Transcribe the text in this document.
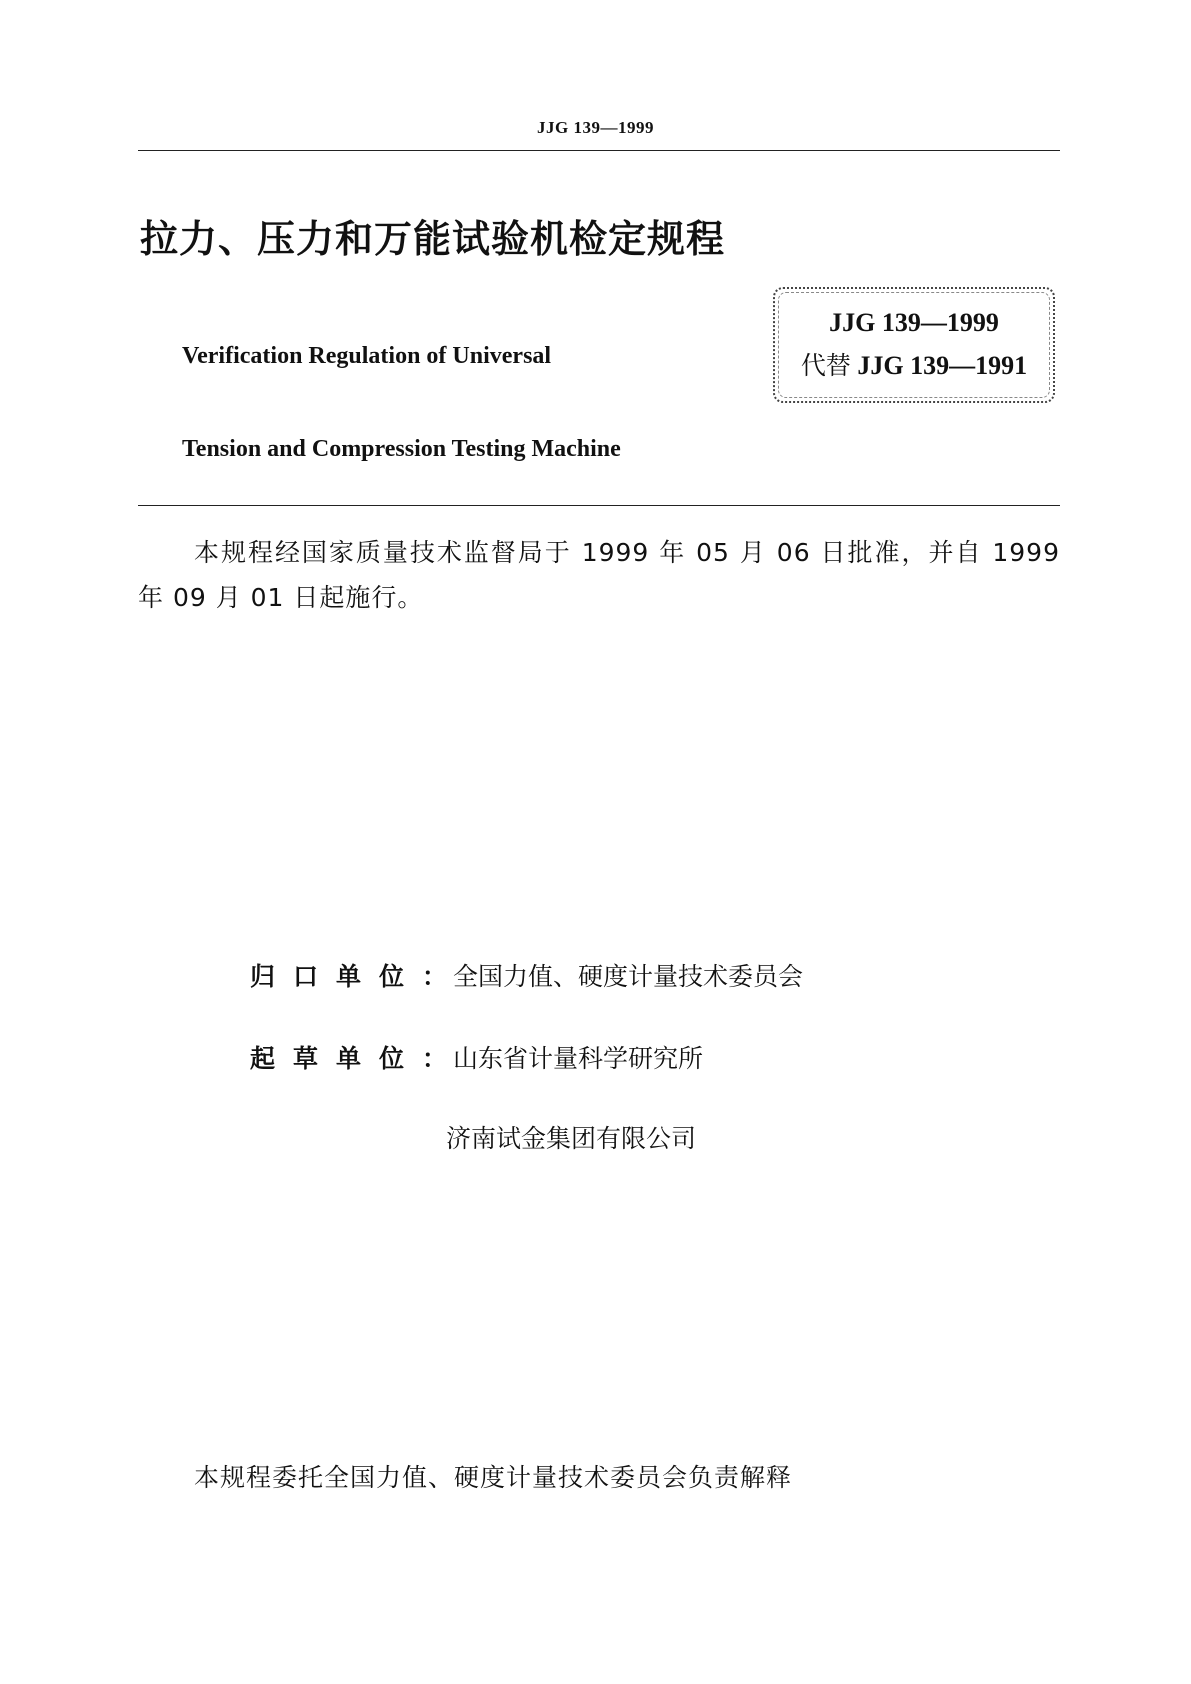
JJG 139—1999
拉力、压力和万能试验机检定规程
Verification Regulation of Universal
Tension and Compression Testing Machine
JJG 139—1999
代替 JJG 139—1991
本规程经国家质量技术监督局于 1999 年 05 月 06 日批准，并自 1999 年 09 月 01 日起施行。
归口单位： 全国力值、硬度计量技术委员会
起草单位： 山东省计量科学研究所
济南试金集团有限公司
本规程委托全国力值、硬度计量技术委员会负责解释
